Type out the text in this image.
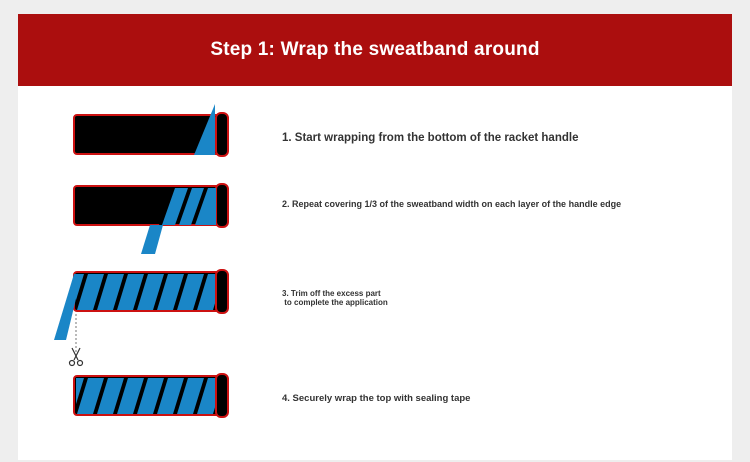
Step 1: Wrap the sweatband around

1. Start wrapping from the bottom of the racket handle

2. Repeat covering 1/3 of the sweatband width on each layer of the handle edge

3. Trim off the excess part
to complete the application

4. Securely wrap the top with sealing tape
